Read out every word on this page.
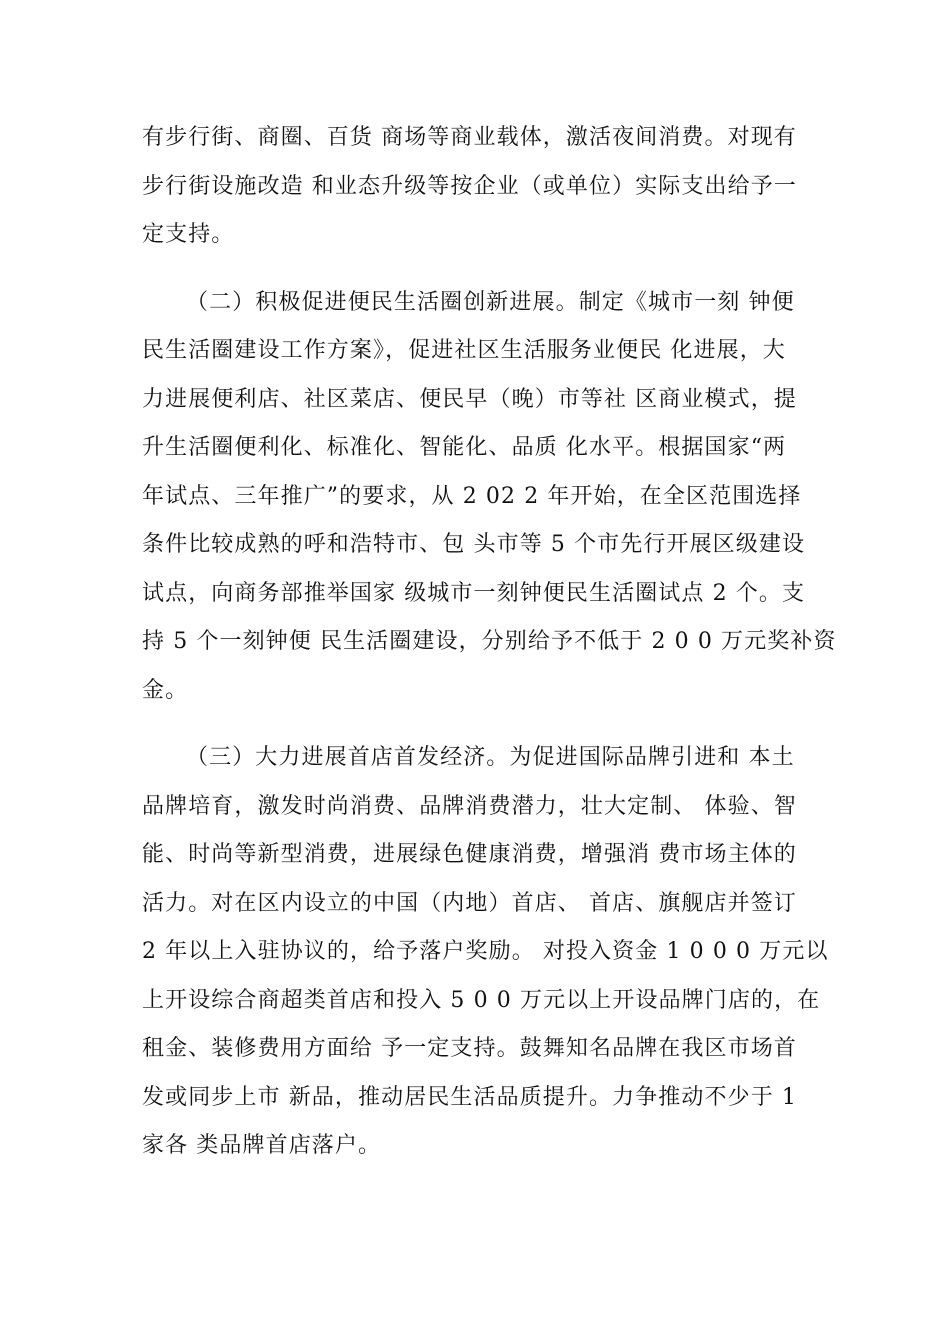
有步行街、商圈、百货 商场等商业载体，激活夜间消费。对现有
步行街设施改造 和业态升级等按企业（或单位）实际支出给予一
定支持。

（二）积极促进便民生活圈创新进展。制定《城市一刻 钟便
民生活圈建设工作方案》，促进社区生活服务业便民 化进展，大
力进展便利店、社区菜店、便民早（晚）市等社 区商业模式，提
升生活圈便利化、标准化、智能化、品质 化水平。根据国家“两
年试点、三年推广”的要求，从 2 02 2 年开始，在全区范围选择
条件比较成熟的呼和浩特市、包 头市等 5 个市先行开展区级建设
试点，向商务部推举国家 级城市一刻钟便民生活圈试点 2 个。支
持 5 个一刻钟便 民生活圈建设，分别给予不低于 2 0 0 万元奖补资
金。

（三）大力进展首店首发经济。为促进国际品牌引进和 本土
品牌培育，激发时尚消费、品牌消费潜力，壮大定制、 体验、智
能、时尚等新型消费，进展绿色健康消费，增强消 费市场主体的
活力。对在区内设立的中国（内地）首店、 首店、旗舰店并签订
2 年以上入驻协议的，给予落户奖励。 对投入资金 1 0 0 0 万元以
上开设综合商超类首店和投入 5 0 0 万元以上开设品牌门店的，在
租金、装修费用方面给 予一定支持。鼓舞知名品牌在我区市场首
发或同步上市 新品，推动居民生活品质提升。力争推动不少于 1
家各 类品牌首店落户。
